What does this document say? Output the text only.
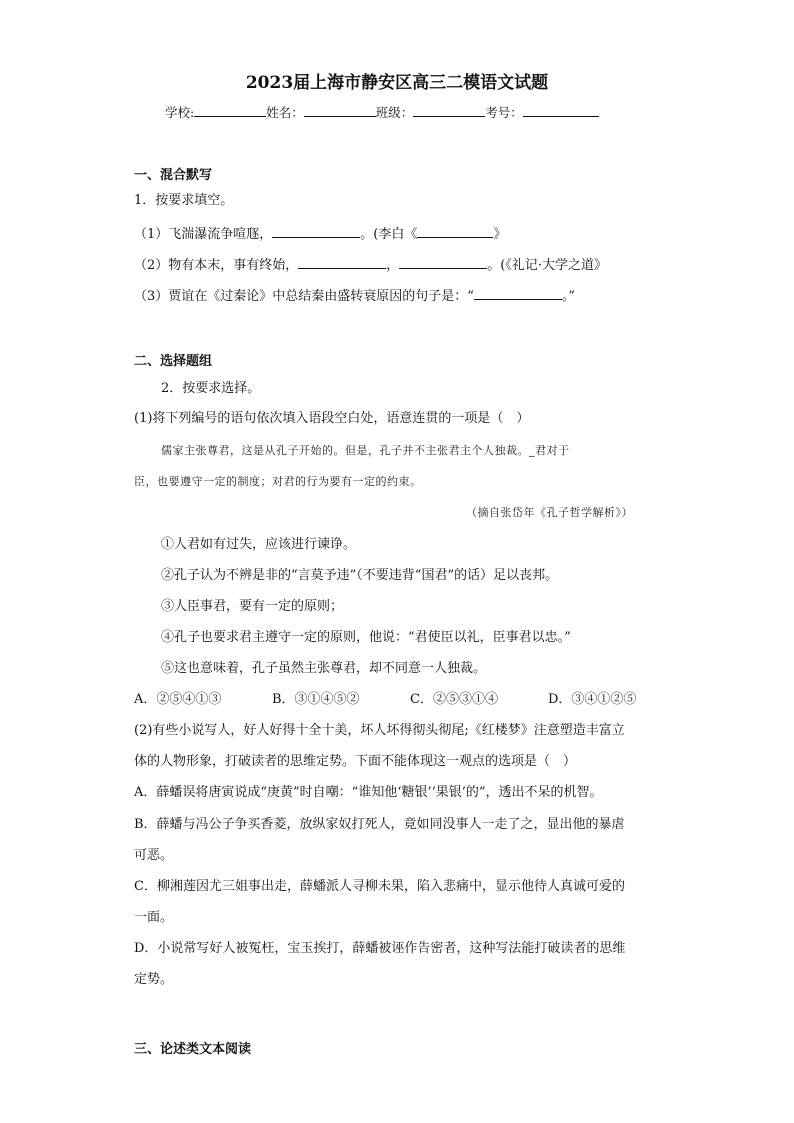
2023届上海市静安区高三二模语文试题
学校:	姓名：	班级：	考号：
一、混合默写
1．按要求填空。
（1）飞湍瀑流争喧豗，	。(李白《	》
（2）物有本末，事有终始，	，	。(《礼记·大学之道》
（3）贾谊在《过秦论》中总结秦由盛转衰原因的句子是：“	。”
二、选择题组
2．按要求选择。
(1)将下列编号的语句依次填入语段空白处，语意连贯的一项是（　）
儒家主张尊君，这是从孔子开始的。但是，孔子并不主张君主个人独裁。_君对于
臣，也要遵守一定的制度；对君的行为要有一定的约束。
（摘自张岱年《孔子哲学解析》）
①人君如有过失，应该进行谏诤。
②孔子认为不辨是非的“言莫予违”（不要违背“国君”的话）足以丧邦。
③人臣事君，要有一定的原则；
④孔子也要求君主遵守一定的原则，他说：“君使臣以礼，臣事君以忠。”
⑤这也意味着，孔子虽然主张尊君，却不同意一人独裁。
A．②⑤④①③	B．③①④⑤②	C．②⑤③①④	D．③④①②⑤
(2)有些小说写人，好人好得十全十美，坏人坏得彻头彻尾;《红楼梦》注意塑造丰富立
体的人物形象，打破读者的思维定势。下面不能体现这一观点的选项是（　）
A．薛蟠误将唐寅说成“庚黄”时自嘲：“谁知他‘糖银’‘果银’的”，透出不呆的机智。
B．薛蟠与冯公子争买香菱，放纵家奴打死人，竟如同没事人一走了之，显出他的暴虐
可恶。
C．柳湘莲因尤三姐事出走，薛蟠派人寻柳未果，陷入悲痛中，显示他待人真诚可爱的
一面。
D．小说常写好人被冤枉，宝玉挨打，薛蟠被诬作告密者，这种写法能打破读者的思维
定势。
三、论述类文本阅读
